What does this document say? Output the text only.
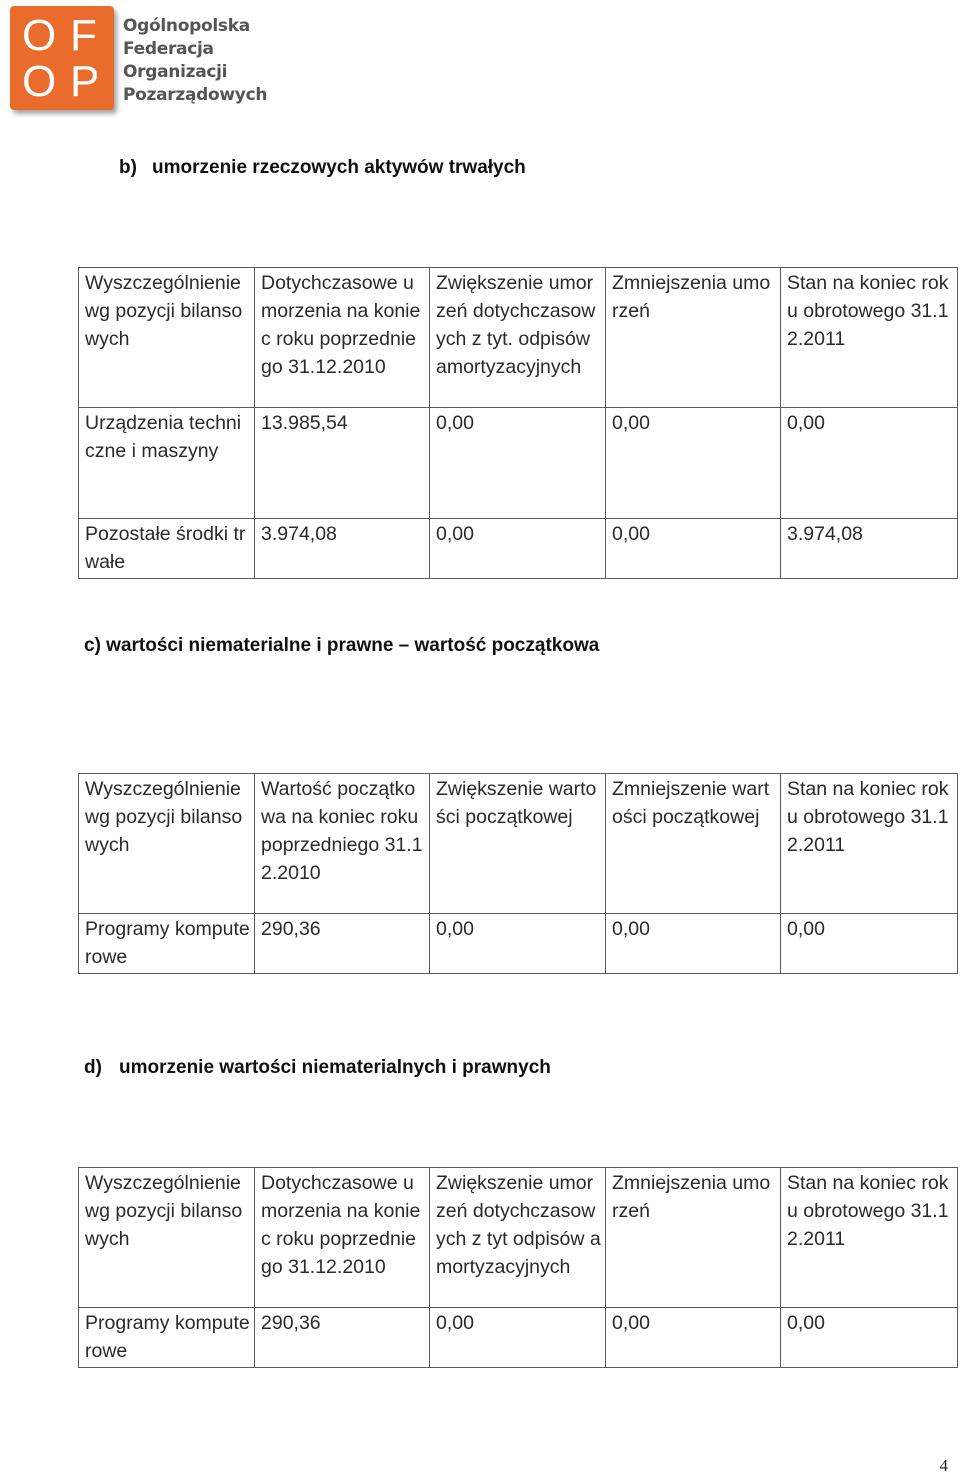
O F
O P
Ogólnopolska
Federacja
Organizacji
Pozarządowych
b) umorzenie rzeczowych aktywów trwałych
Wyszczególnienie wg pozycji bilansowych	Dotychczasowe umorzenia na koniec roku poprzedniego 31.12.2010	Zwiększenie umorzeń dotychczasowych z tyt. odpisów amortyzacyjnych	Zmniejszenia umorzeń	Stan na koniec roku obrotowego 31.12.2011
Urządzenia techniczne i maszyny	13.985,54	0,00	0,00	0,00
Pozostałe środki trwałe	3.974,08	0,00	0,00	3.974,08
c) wartości niematerialne i prawne – wartość początkowa
Wyszczególnienie wg pozycji bilansowych	Wartość początkowa na koniec roku poprzedniego 31.12.2010	Zwiększenie wartości początkowej	Zmniejszenie wartości początkowej	Stan na koniec roku obrotowego 31.12.2011
Programy komputerowe	290,36	0,00	0,00	0,00
d) umorzenie wartości niematerialnych i prawnych
Wyszczególnienie wg pozycji bilansowych	Dotychczasowe umorzenia na koniec roku poprzedniego 31.12.2010	Zwiększenie umorzeń dotychczasowych z tyt odpisów amortyzacyjnych	Zmniejszenia umorzeń	Stan na koniec roku obrotowego 31.12.2011
Programy komputerowe	290,36	0,00	0,00	0,00
4
